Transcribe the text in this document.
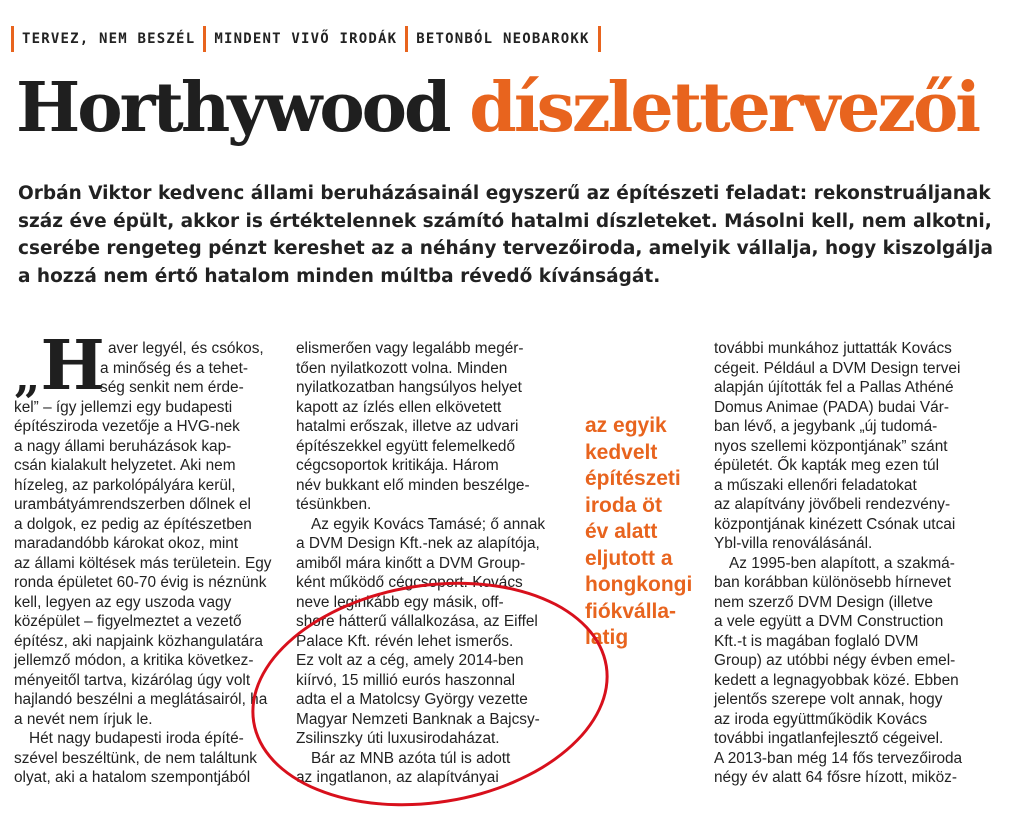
TERVEZ, NEM BESZÉL	MINDENT VIVŐ IRODÁK	BETONBÓL NEOBAROKK
Horthywood díszlettervezői

Orbán Viktor kedvenc állami beruházásainál egyszerű az építészeti feladat: rekonstruáljanak
száz éve épült, akkor is értéktelennek számító hatalmi díszleteket. Másolni kell, nem alkotni,
cserébe rengeteg pénzt kereshet az a néhány tervezőiroda, amelyik vállalja, hogy kiszolgálja
a hozzá nem értő hatalom minden múltba révedő kívánságát.

„H aver legyél, és csókos,
a minőség és a tehet-
ség senkit nem érde-
kel” – így jellemzi egy budapesti
építésziroda vezetője a HVG-nek
a nagy állami beruházások kap-
csán kialakult helyzetet. Aki nem
hízeleg, az parkolópályára kerül,
urambátyámrendszerben dőlnek el
a dolgok, ez pedig az építészetben
maradandóbb károkat okoz, mint
az állami költések más területein. Egy
ronda épületet 60-70 évig is néznünk
kell, legyen az egy uszoda vagy
középület – figyelmeztet a vezető
építész, aki napjaink közhangulatára
jellemző módon, a kritika következ-
ményeitől tartva, kizárólag úgy volt
hajlandó beszélni a meglátásairól, ha
a nevét nem írjuk le.
Hét nagy budapesti iroda építé-
szével beszéltünk, de nem találtunk
olyat, aki a hatalom szempontjából
elismerően vagy legalább megér-
tően nyilatkozott volna. Minden
nyilatkozatban hangsúlyos helyet
kapott az ízlés ellen elkövetett
hatalmi erőszak, illetve az udvari
építészekkel együtt felemelkedő
cégcsoportok kritikája. Három
név bukkant elő minden beszélge-
tésünkben.
Az egyik Kovács Tamásé; ő annak
a DVM Design Kft.-nek az alapítója,
amiből mára kinőtt a DVM Group-
ként működő cégcsoport. Kovács
neve leginkább egy másik, off-
shore hátterű vállalkozása, az Eiffel
Palace Kft. révén lehet ismerős.
Ez volt az a cég, amely 2014-ben
kiírvó, 15 millió eurós haszonnal
adta el a Matolcsy György vezette
Magyar Nemzeti Banknak a Bajcsy-
Zsilinszky úti luxusirodaházat.
Bár az MNB azóta túl is adott
az ingatlanon, az alapítványai
az egyik
kedvelt
építészeti
iroda öt
év alatt
eljutott a
hongkongi
fiókválla-
latig
további munkához juttatták Kovács
cégeit. Például a DVM Design tervei
alapján újították fel a Pallas Athéné
Domus Animae (PADA) budai Vár-
ban lévő, a jegybank „új tudomá-
nyos szellemi központjának” szánt
épületét. Ők kapták meg ezen túl
a műszaki ellenőri feladatokat
az alapítvány jövőbeli rendezvény-
központjának kinézett Csónak utcai
Ybl-villa renoválásánál.
Az 1995-ben alapított, a szakmá-
ban korábban különösebb hírnevet
nem szerző DVM Design (illetve
a vele együtt a DVM Construction
Kft.-t is magában foglaló DVM
Group) az utóbbi négy évben emel-
kedett a legnagyobbak közé. Ebben
jelentős szerepe volt annak, hogy
az iroda együttműködik Kovács
további ingatlanfejlesztő cégeivel.
A 2013-ban még 14 fős tervezőiroda
négy év alatt 64 fősre hízott, miköz-
